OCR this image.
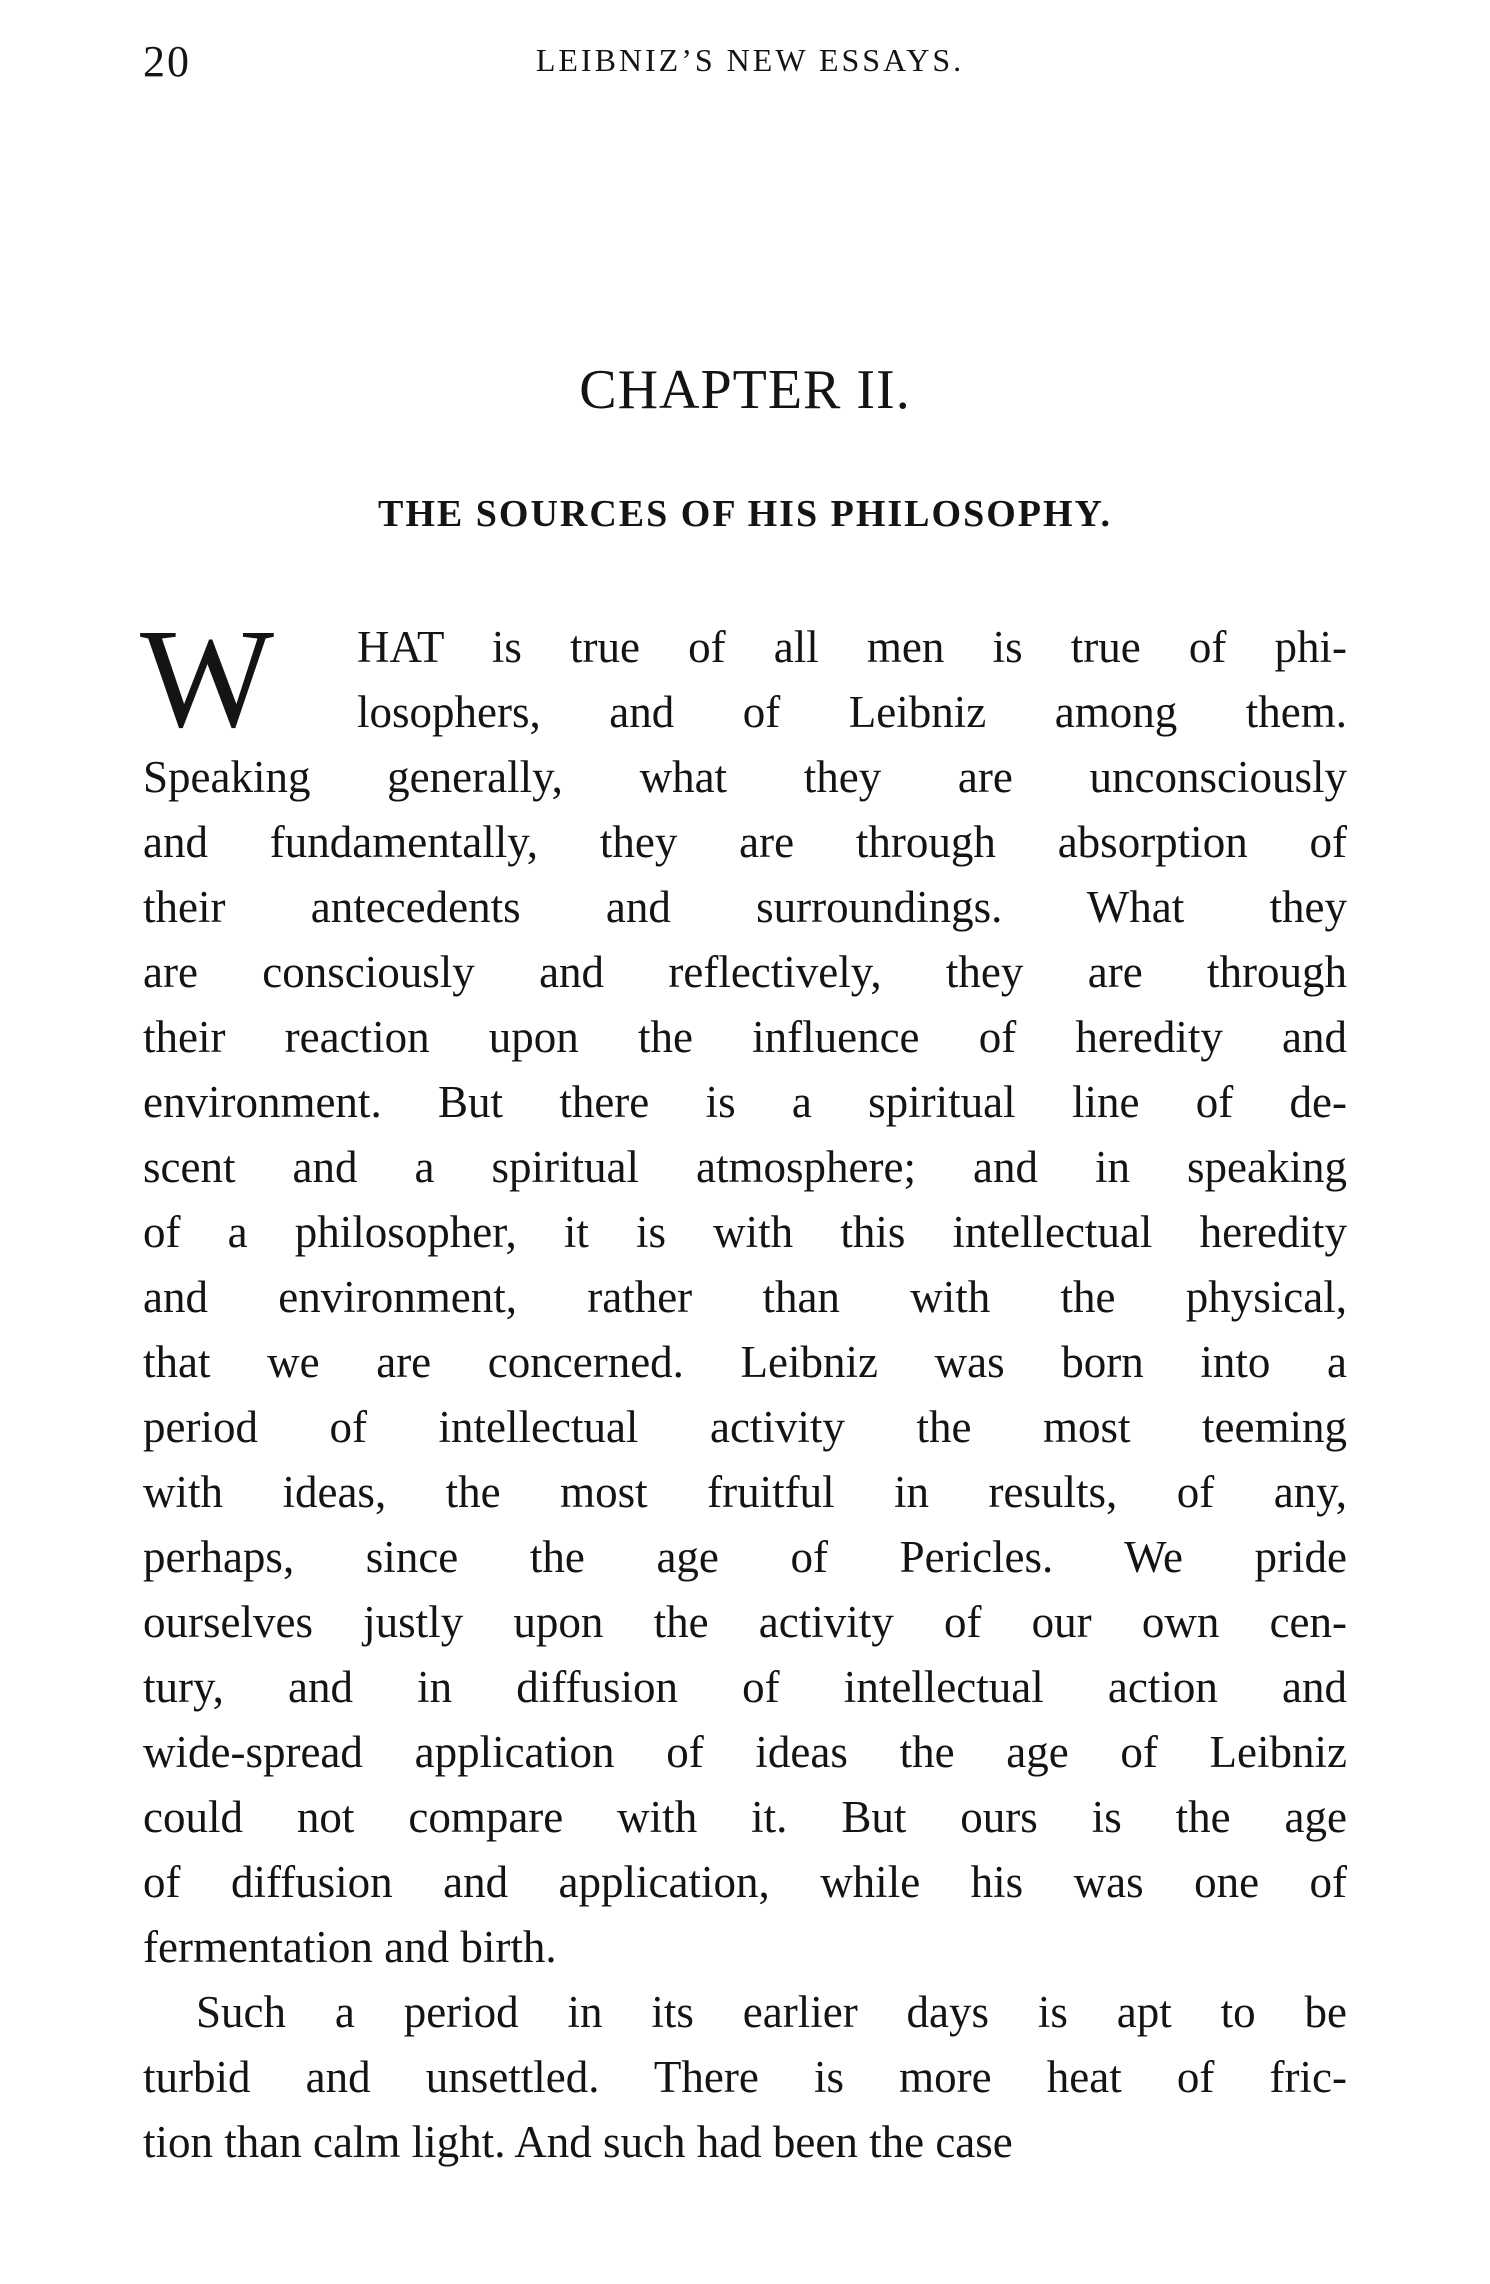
20	LEIBNIZ’S NEW ESSAYS.
CHAPTER II.
THE SOURCES OF HIS PHILOSOPHY.
W HAT is true of all men is true of phi-
losophers, and of Leibniz among them.
Speaking generally, what they are unconsciously
and fundamentally, they are through absorption of
their antecedents and surroundings. What they
are consciously and reflectively, they are through
their reaction upon the influence of heredity and
environment. But there is a spiritual line of de-
scent and a spiritual atmosphere; and in speaking
of a philosopher, it is with this intellectual heredity
and environment, rather than with the physical,
that we are concerned. Leibniz was born into a
period of intellectual activity the most teeming
with ideas, the most fruitful in results, of any,
perhaps, since the age of Pericles. We pride
ourselves justly upon the activity of our own cen-
tury, and in diffusion of intellectual action and
wide-spread application of ideas the age of Leibniz
could not compare with it. But ours is the age
of diffusion and application, while his was one of
fermentation and birth.
Such a period in its earlier days is apt to be
turbid and unsettled. There is more heat of fric-
tion than calm light. And such had been the case
